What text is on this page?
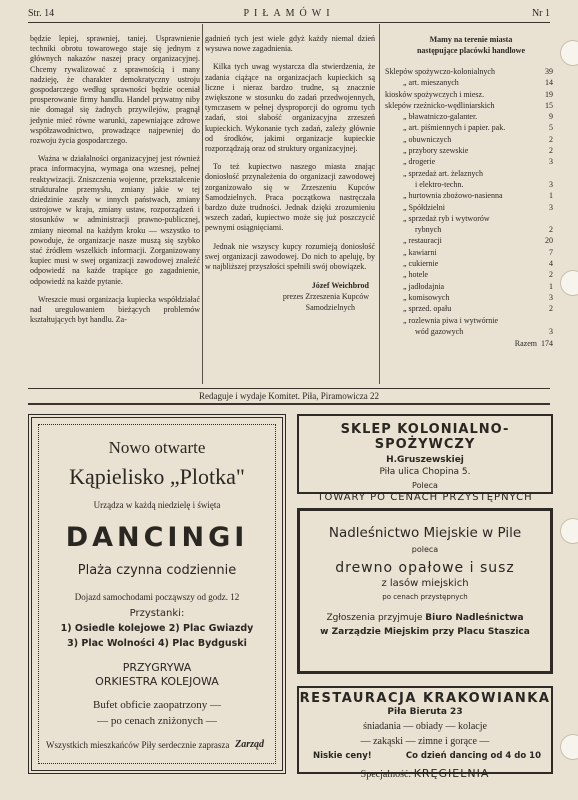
Str. 14	PIŁAMÓWI	Nr 1

będzie lepiej, sprawniej, taniej. Usprawnienie techniki obrotu towarowego staje się jednym z głównych nakazów naszej pracy organizacyjnej. Chcemy rywalizować z sprawnością i many nadzieję, że charakter demokratyczny ustroju gospodarczego według sprawności będzie oceniał prosperowanie firmy handlu. Handel prywatny niby nie domagał się żadnych przywilejów, pragnął jedynie mieć równe warunki, zapewniające zdrowe współzawodnictwo, prowadzące najpewniej do rozwoju życia gospodarczego.

Ważna w działalności organizacyjnej jest również praca informacyjna, wymaga ona wzesnej, pełnej reaktywizacji. Zniszczenia wojenne, przekształcenie strukturalne przemysłu, zmiany jakie w tej dziedzinie zaszły w innych państwach, zmiany ustrojowe w kraju, zmiany ustaw, rozporządzeń i stosunków w administracji prawno-publicznej, zmiany nieomal na każdym kroku — wszystko to powoduje, że organizacje nasze muszą się szybko stać źródłem wszelkich informacji. Zorganizowany kupiec musi w swej organizacji zawodowej znaleźć odpowiedź na każde trapiące go zagadnienie, odpowiedź na każde pytanie.

Wreszcie musi organizacja kupiecka współdziałać nad uregulowaniem bieżących problemów kształtujących byt handlu. Za-

gadnień tych jest wiele gdyż każdy niemal dzień wysuwa nowe zagadnienia.

Kilka tych uwag wystarcza dla stwierdzenia, że zadania ciążące na organizacjach kupieckich są liczne i nieraz bardzo trudne, są znacznie zwiększone w stosunku do zadań przedwojennych, tymczasem w pełnej dysproporcji do ogromu tych zadań, stoi słabość organizacyjna zrzeszeń kupieckich. Wykonanie tych zadań, zależy głównie od środków, jakimi organizacje kupieckie rozporządzają oraz od struktury organizacyjnej.

To też kupiectwo naszego miasta znając doniosłość przynależenia do organizacji zawodowej zorganizowało się w Zrzeszeniu Kupców Samodzielnych. Praca początkowa nastręczała bardzo duże trudności. Jednak dzięki zrozumieniu wszech zadań, kupiectwo może się już poszczycić pewnymi osiągnięciami.

Jednak nie wszyscy kupcy rozumieją doniosłość swej organizacji zawodowej. Do nich to apeluję, by w najbliższej przyszłości spełnili swój obowiązek.

Józef Weichbrod
prezes Zrzeszenia Kupców
Samodzielnych
Mamy na terenie miasta
następujące placówki handlowe
Sklepów spożywczo-kolonialnych	39
„ art. mieszanych	14
kiosków spożywczych i miesz.	19
sklepów rzeźnicko-wędliniarskich	15
„ bławatniczo-galanter.	9
„ art. piśmiennych i papier. pak.	5
„ obuwniczych	2
„ przybory szewskie	2
„ drogerie	3
„ sprzedaż art. żelaznych
i elektro-techn.	3
„ hurtownia zbożowo-nasienna	1
„ Spółdzielni	3
„ sprzedaż ryb i wytworów
rybnych	2
„ restauracji	20
„ kawiarni	7
„ cukiernie	4
„ hotele	2
„ jadłodajnia	1
„ komisowych	3
„ sprzed. opału	2
„ rozlewnia piwa i wytwórnie
wód gazowych	3
Razem 174
Redaguje i wydaje Komitet. Piła, Piramowicza 22
Nowo otwarte
Kąpielisko „Plotka"
Urządza w każdą niedzielę i święta
DANCINGI
Plaża czynna codziennie
Dojazd samochodami począwszy od godz. 12
Przystanki:
1) Osiedle kolejowe 2) Plac Gwiazdy
3) Plac Wolności 4) Plac Bydguski
PRZYGRYWA
ORKIESTRA KOLEJOWA
Bufet obficie zaopatrzony —
— po cenach zniżonych —
Wszystkich mieszkańców Piły serdecznie zaprasza Zarząd
SKLEP KOLONIALNO-SPOŻYWCZY
H.Gruszewskiej
Piła ulica Chopina 5.
Poleca
TOWARY PO CENACH PRZYSTĘPNYCH
Nadleśnictwo Miejskie w Pile
poleca
drewno opałowe i susz
z lasów miejskich
po cenach przystępnych
Zgłoszenia przyjmuje Biuro Nadleśnictwa
w Zarządzie Miejskim przy Placu Staszica
RESTAURACJA KRAKOWIANKA
Piła Bieruta 23
śniadania — obiady — kolacje
— zakąski — zimne i gorące —
Niskie ceny!	Co dzień dancing od 4 do 10
Specjalność: KRĘGIELNIA
